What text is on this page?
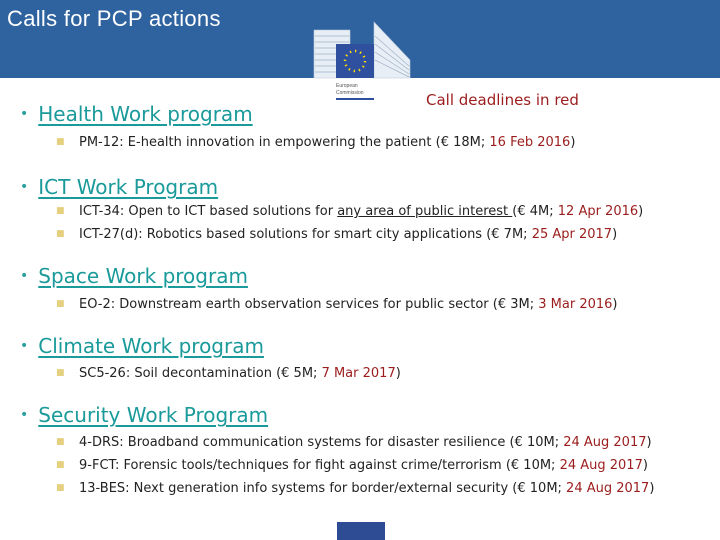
Calls for PCP actions
European
Commission	Call deadlines in red
• Health Work program
■ PM-12: E-health innovation in empowering the patient (€ 18M; 16 Feb 2016)
• ICT Work Program
■ ICT-34: Open to ICT based solutions for any area of public interest (€ 4M; 12 Apr 2016)
■ ICT-27(d): Robotics based solutions for smart city applications (€ 7M; 25 Apr 2017)
• Space Work program
■ EO-2: Downstream earth observation services for public sector (€ 3M; 3 Mar 2016)
• Climate Work program
■ SC5-26: Soil decontamination (€ 5M; 7 Mar 2017)
• Security Work Program
■ 4-DRS: Broadband communication systems for disaster resilience (€ 10M; 24 Aug 2017)
■ 9-FCT: Forensic tools/techniques for fight against crime/terrorism (€ 10M; 24 Aug 2017)
■ 13-BES: Next generation info systems for border/external security (€ 10M; 24 Aug 2017)
